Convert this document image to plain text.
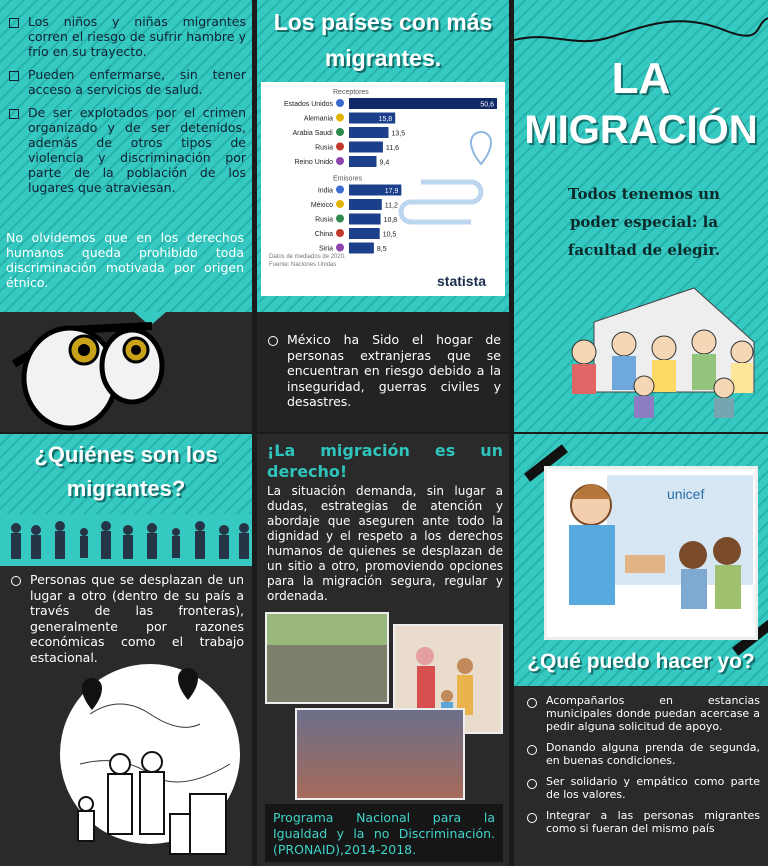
Los niños y niñas migrantes corren el riesgo de sufrir hambre y frío en su trayecto.
Pueden enfermarse, sin tener acceso a servicios de salud.
De ser explotados por el crimen organizado y de ser detenidos, además de otros tipos de violencia y discriminación por parte de la población de los lugares que atraviesan.

No olvidemos que en los derechos humanos queda prohibido toda discriminación motivada por origen étnico.

Los países con más migrantes.
Receptores
Estados Unidos	50,6
Alemania	15,8
Arabia Saudí	13,5
Rusia	11,6
Reino Unido	9,4
Emisores
India	17,9
México	11,2
Rusia	10,8
China	10,5
Siria	8,5
Datos de mediados de 2020.
Fuente: Naciones Unidas
statista
México ha Sido el hogar de personas extranjeras que se encuentran en riesgo debido a la inseguridad, guerras civiles y desastres.
LA
MIGRACIÓN
Todos tenemos un poder especial: la facultad de elegir.
¿Quiénes son los migrantes?
Personas que se desplazan de un lugar a otro (dentro de su país a través de las fronteras), generalmente por razones económicas como el trabajo estacional.
¡La migración es un derecho!

La situación demanda, sin lugar a dudas, estrategias de atención y abordaje que aseguren ante todo la dignidad y el respeto a los derechos humanos de quienes se desplazan de un sitio a otro, promoviendo opciones para la migración segura, regular y ordenada.

Programa Nacional para la Igualdad y la no Discriminación. (PRONAID),2014-2018.

unicef
¿Qué puedo hacer yo?
Acompañarlos en estancias municipales donde puedan acercase a pedir alguna solicitud de apoyo.
Donando alguna prenda de segunda, en buenas condiciones.
Ser solidario y empático como parte de los valores.
Integrar a las personas migrantes como si fueran del mismo país
